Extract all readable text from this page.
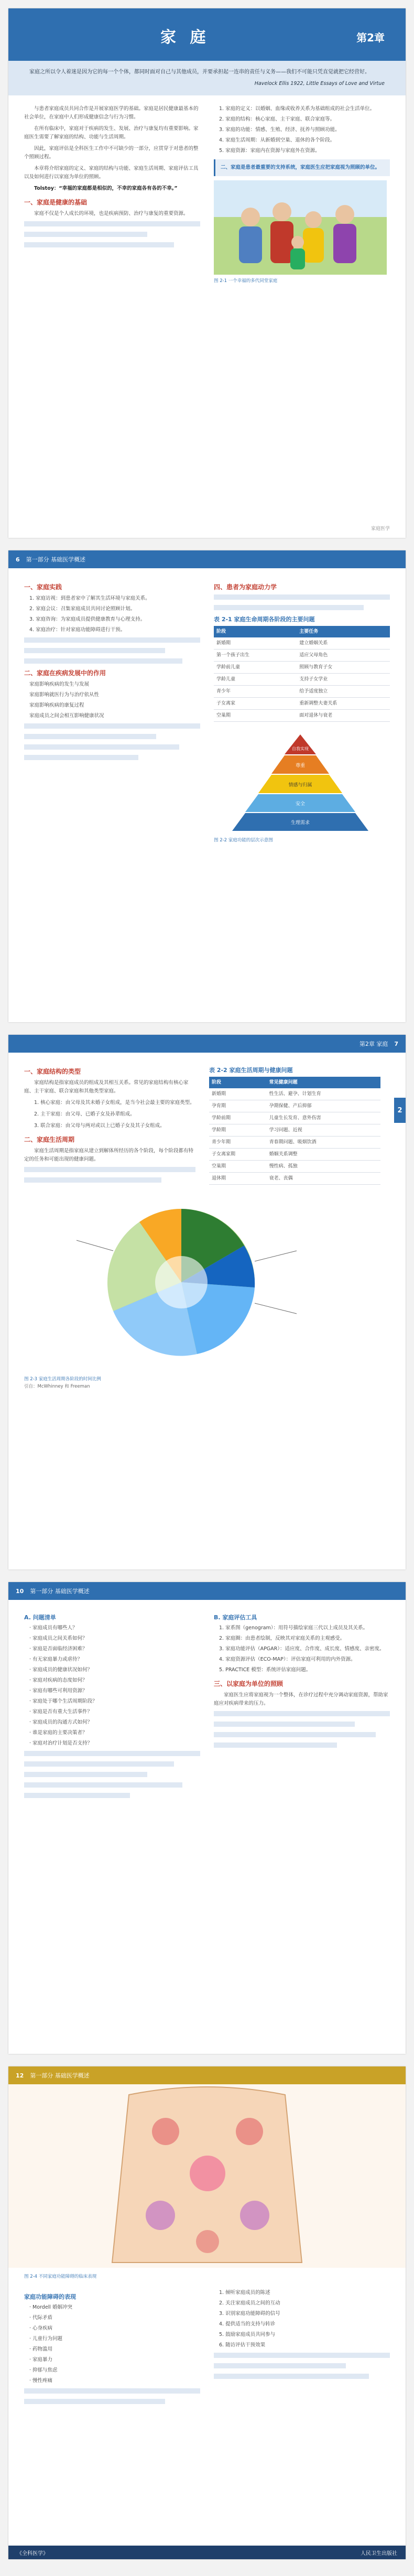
家 庭	第2章
家庭之所以令人着迷是因为它的每一个个体，都同时面对自己与其他成员，并要承担起一连串的责任与义务——我们不可能只凭直觉就把它经营好。
Havelock Ellis 1922, Little Essays of Love and Virtue

与患者家庭成员共同合作是开展家庭医学的基础。家庭是居民健康最基本的社会单位，在家庭中人们形成健康信念与行为习惯。

在所有临床中，家庭对于疾病的发生、发展、治疗与康复均有重要影响。家庭医生需要了解家庭的结构、功能与生活周期。

因此，家庭评估是全科医生工作中不可缺少的一部分，应贯穿于对患者的整个照顾过程。

本章将介绍家庭的定义、家庭的结构与功能、家庭生活周期、家庭评估工具以及如何进行以家庭为单位的照顾。

Tolstoy：“幸福的家庭都是相似的，不幸的家庭各有各的不幸。”

一、家庭是健康的基础

家庭不仅是个人成长的环境，也是疾病预防、治疗与康复的重要资源。

1. 家庭的定义：以婚姻、血缘或收养关系为基础组成的社会生活单位。
2. 家庭的结构：核心家庭、主干家庭、联合家庭等。
3. 家庭的功能：情感、生殖、经济、抚养与照顾功能。
4. 家庭生活周期：从新婚到空巢、退休的各个阶段。
5. 家庭资源：家庭内在资源与家庭外在资源。
二、家庭是患者最重要的支持系统，家庭医生应把家庭视为照顾的单位。
图 2-1 一个幸福的多代同堂家庭
家庭医学
6 第一部分 基础医学概述
一、家庭实践
1. 家庭访视：到患者家中了解其生活环境与家庭关系。
2. 家庭会议：召集家庭成员共同讨论照顾计划。
3. 家庭咨询：为家庭成员提供健康教育与心理支持。
4. 家庭治疗：针对家庭功能障碍进行干预。
二、家庭在疾病发展中的作用
家庭影响疾病的发生与发展
家庭影响就医行为与治疗依从性
家庭影响疾病的康复过程
家庭成员之间会相互影响健康状况
四、患者为家庭动力学
表 2-1 家庭生命周期各阶段的主要问题
阶段	主要任务
新婚期	建立婚姻关系
第一个孩子出生	适应父母角色
学龄前儿童	照顾与教育子女
学龄儿童	支持子女学业
青少年	给予适度独立
子女离家	重新调整夫妻关系
空巢期	面对退休与衰老
自我实现
尊重
情感与归属
安全
生理需求
图 2-2 家庭功能的层次示意图
第2章 家庭 7
2
一、家庭结构的类型

家庭结构是指家庭成员的组成及其相互关系。常见的家庭结构有核心家庭、主干家庭、联合家庭和其他类型家庭。

1. 核心家庭：由父母及其未婚子女组成，是当今社会最主要的家庭类型。

2. 主干家庭：由父母、已婚子女及孙辈组成。

3. 联合家庭：由父母与两对或以上已婚子女及其子女组成。

二、家庭生活周期

家庭生活周期是指家庭从建立到解体所经历的各个阶段，每个阶段都有特定的任务和可能出现的健康问题。

表 2-2 家庭生活周期与健康问题
阶段	常见健康问题
新婚期	性生活、避孕、计划生育
孕育期	孕期保健、产后抑郁
学龄前期	儿童生长发育、意外伤害
学龄期	学习问题、近视
青少年期	青春期问题、吸烟饮酒
子女离家期	婚姻关系调整
空巢期	慢性病、孤独
退休期	衰老、丧偶
图 2-3 家庭生活周期各阶段的时间比例
引自：McWhinney 和 Freeman
10 第一部分 基础医学概述
A. 问题清单
· 家庭成员有哪些人？
· 家庭成员之间关系如何？
· 家庭是否面临经济困难？
· 有无家庭暴力或虐待？
· 家庭成员的健康状况如何？
· 家庭对疾病的态度如何？
· 家庭有哪些可利用资源？
· 家庭处于哪个生活周期阶段？
· 家庭是否有重大生活事件？
· 家庭成员的沟通方式如何？
· 谁是家庭的主要决策者？
· 家庭对治疗计划是否支持？
B. 家庭评估工具
1. 家系图（genogram）：用符号描绘家庭三代以上成员及其关系。
2. 家庭圈：由患者绘制，反映其对家庭关系的主观感受。
3. 家庭功能评估（APGAR）：适应度、合作度、成长度、情感度、亲密度。
4. 家庭资源评估（ECO-MAP）：评估家庭可利用的内外资源。
5. PRACTICE 模型：系统评估家庭问题。
三、以家庭为单位的照顾

家庭医生应将家庭视为一个整体，在诊疗过程中充分调动家庭资源，帮助家庭应对疾病带来的压力。

12 第一部分 基础医学概述
图 2-4 不同家庭功能障碍的临床表现
家庭功能障碍的表现
· Mordell 婚姻冲突
· 代际矛盾
· 心身疾病
· 儿童行为问题
· 药物滥用
· 家庭暴力
· 抑郁与焦虑
· 慢性疼痛
1. 倾听家庭成员的陈述
2. 关注家庭成员之间的互动
3. 识别家庭功能障碍的信号
4. 提供适当的支持与转诊
5. 鼓励家庭成员共同参与
6. 随访评估干预效果
《全科医学》	人民卫生出版社
